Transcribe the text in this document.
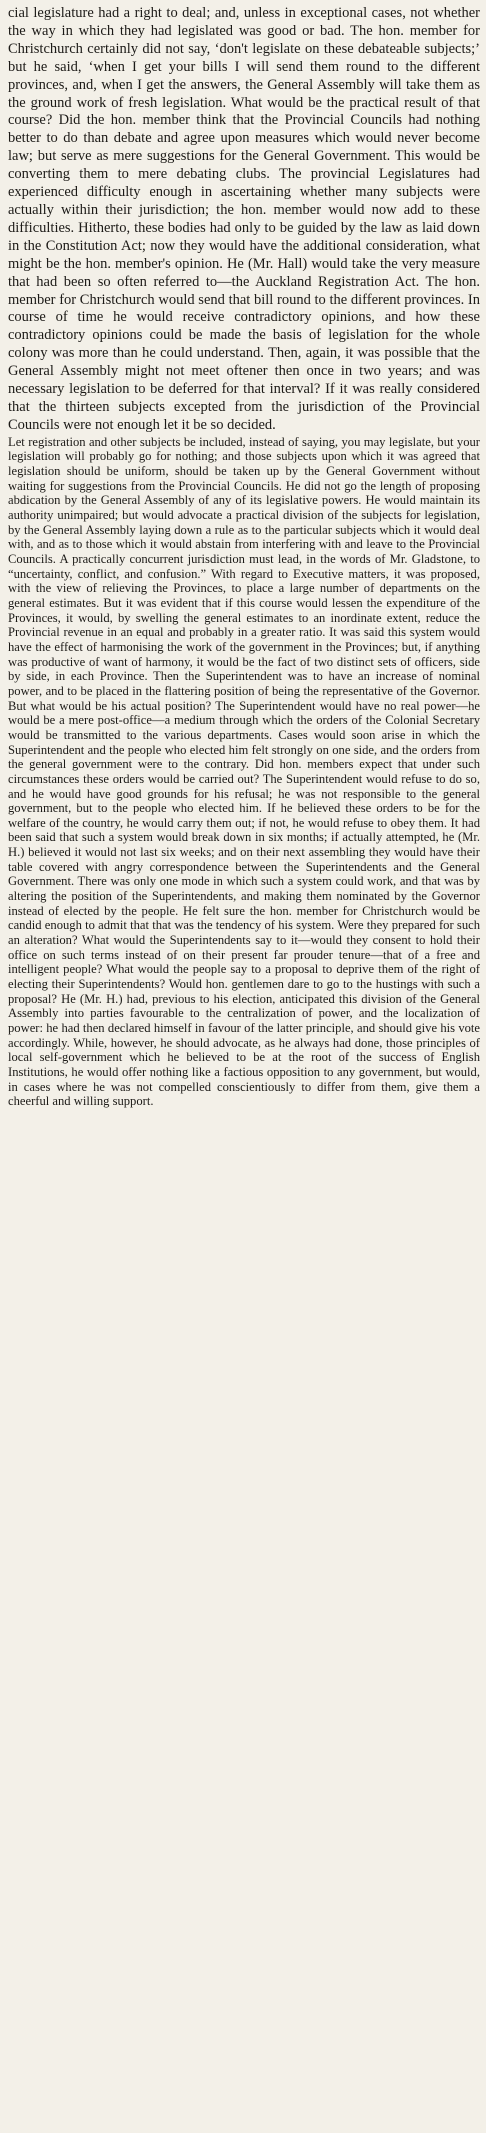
cial legislature had a right to deal; and, unless in exceptional cases, not whether the way in which they had legislated was good or bad. The hon. member for Christchurch certainly did not say, ‘don't legislate on these debateable subjects;’ but he said, ‘when I get your bills I will send them round to the different provinces, and, when I get the answers, the General Assembly will take them as the ground work of fresh legislation. What would be the practical result of that course? Did the hon. member think that the Provincial Councils had nothing better to do than debate and agree upon measures which would never become law; but serve as mere suggestions for the General Government. This would be converting them to mere debating clubs. The provincial Legislatures had experienced difficulty enough in ascertaining whether many subjects were actually within their jurisdiction; the hon. member would now add to these difficulties. Hitherto, these bodies had only to be guided by the law as laid down in the Constitution Act; now they would have the additional consideration, what might be the hon. member's opinion. He (Mr. Hall) would take the very measure that had been so often referred to—the Auckland Registration Act. The hon. member for Christchurch would send that bill round to the different provinces. In course of time he would receive contradictory opinions, and how these contradictory opinions could be made the basis of legislation for the whole colony was more than he could understand. Then, again, it was possible that the General Assembly might not meet oftener then once in two years; and was necessary legislation to be deferred for that interval? If it was really considered that the thirteen subjects excepted from the jurisdiction of the Provincial Councils were not enough let it be so decided.

Let registration and other subjects be included, instead of saying, you may legislate, but your legislation will probably go for nothing; and those subjects upon which it was agreed that legislation should be uniform, should be taken up by the General Government without waiting for suggestions from the Provincial Councils. He did not go the length of proposing abdication by the General Assembly of any of its legislative powers. He would maintain its authority unimpaired; but would advocate a practical division of the subjects for legislation, by the General Assembly laying down a rule as to the particular subjects which it would deal with, and as to those which it would abstain from interfering with and leave to the Provincial Councils. A practically concurrent jurisdiction must lead, in the words of Mr. Gladstone, to “uncertainty, conflict, and confusion.” With regard to Executive matters, it was proposed, with the view of relieving the Provinces, to place a large number of departments on the general estimates. But it was evident that if this course would lessen the expenditure of the Provinces, it would, by swelling the general estimates to an inordinate extent, reduce the Provincial revenue in an equal and probably in a greater ratio. It was said this system would have the effect of harmonising the work of the government in the Provinces; but, if anything was productive of want of harmony, it would be the fact of two distinct sets of officers, side by side, in each Province. Then the Superintendent was to have an increase of nominal power, and to be placed in the flattering position of being the representative of the Governor. But what would be his actual position? The Superintendent would have no real power—he would be a mere post-office—a medium through which the orders of the Colonial Secretary would be transmitted to the various departments. Cases would soon arise in which the Superintendent and the people who elected him felt strongly on one side, and the orders from the general government were to the contrary. Did hon. members expect that under such circumstances these orders would be carried out? The Superintendent would refuse to do so, and he would have good grounds for his refusal; he was not responsible to the general government, but to the people who elected him. If he believed these orders to be for the welfare of the country, he would carry them out; if not, he would refuse to obey them. It had been said that such a system would break down in six months; if actually attempted, he (Mr. H.) believed it would not last six weeks; and on their next assembling they would have their table covered with angry correspondence between the Superintendents and the General Government. There was only one mode in which such a system could work, and that was by altering the position of the Superintendents, and making them nominated by the Governor instead of elected by the people. He felt sure the hon. member for Christchurch would be candid enough to admit that that was the tendency of his system. Were they prepared for such an alteration? What would the Superintendents say to it—would they consent to hold their office on such terms instead of on their present far prouder tenure—that of a free and intelligent people? What would the people say to a proposal to deprive them of the right of electing their Superintendents? Would hon. gentlemen dare to go to the hustings with such a proposal? He (Mr. H.) had, previous to his election, anticipated this division of the General Assembly into parties favourable to the centralization of power, and the localization of power: he had then declared himself in favour of the latter principle, and should give his vote accordingly. While, however, he should advocate, as he always had done, those principles of local self-government which he believed to be at the root of the success of English Institutions, he would offer nothing like a factious opposition to any government, but would, in cases where he was not compelled conscientiously to differ from them, give them a cheerful and willing support.
